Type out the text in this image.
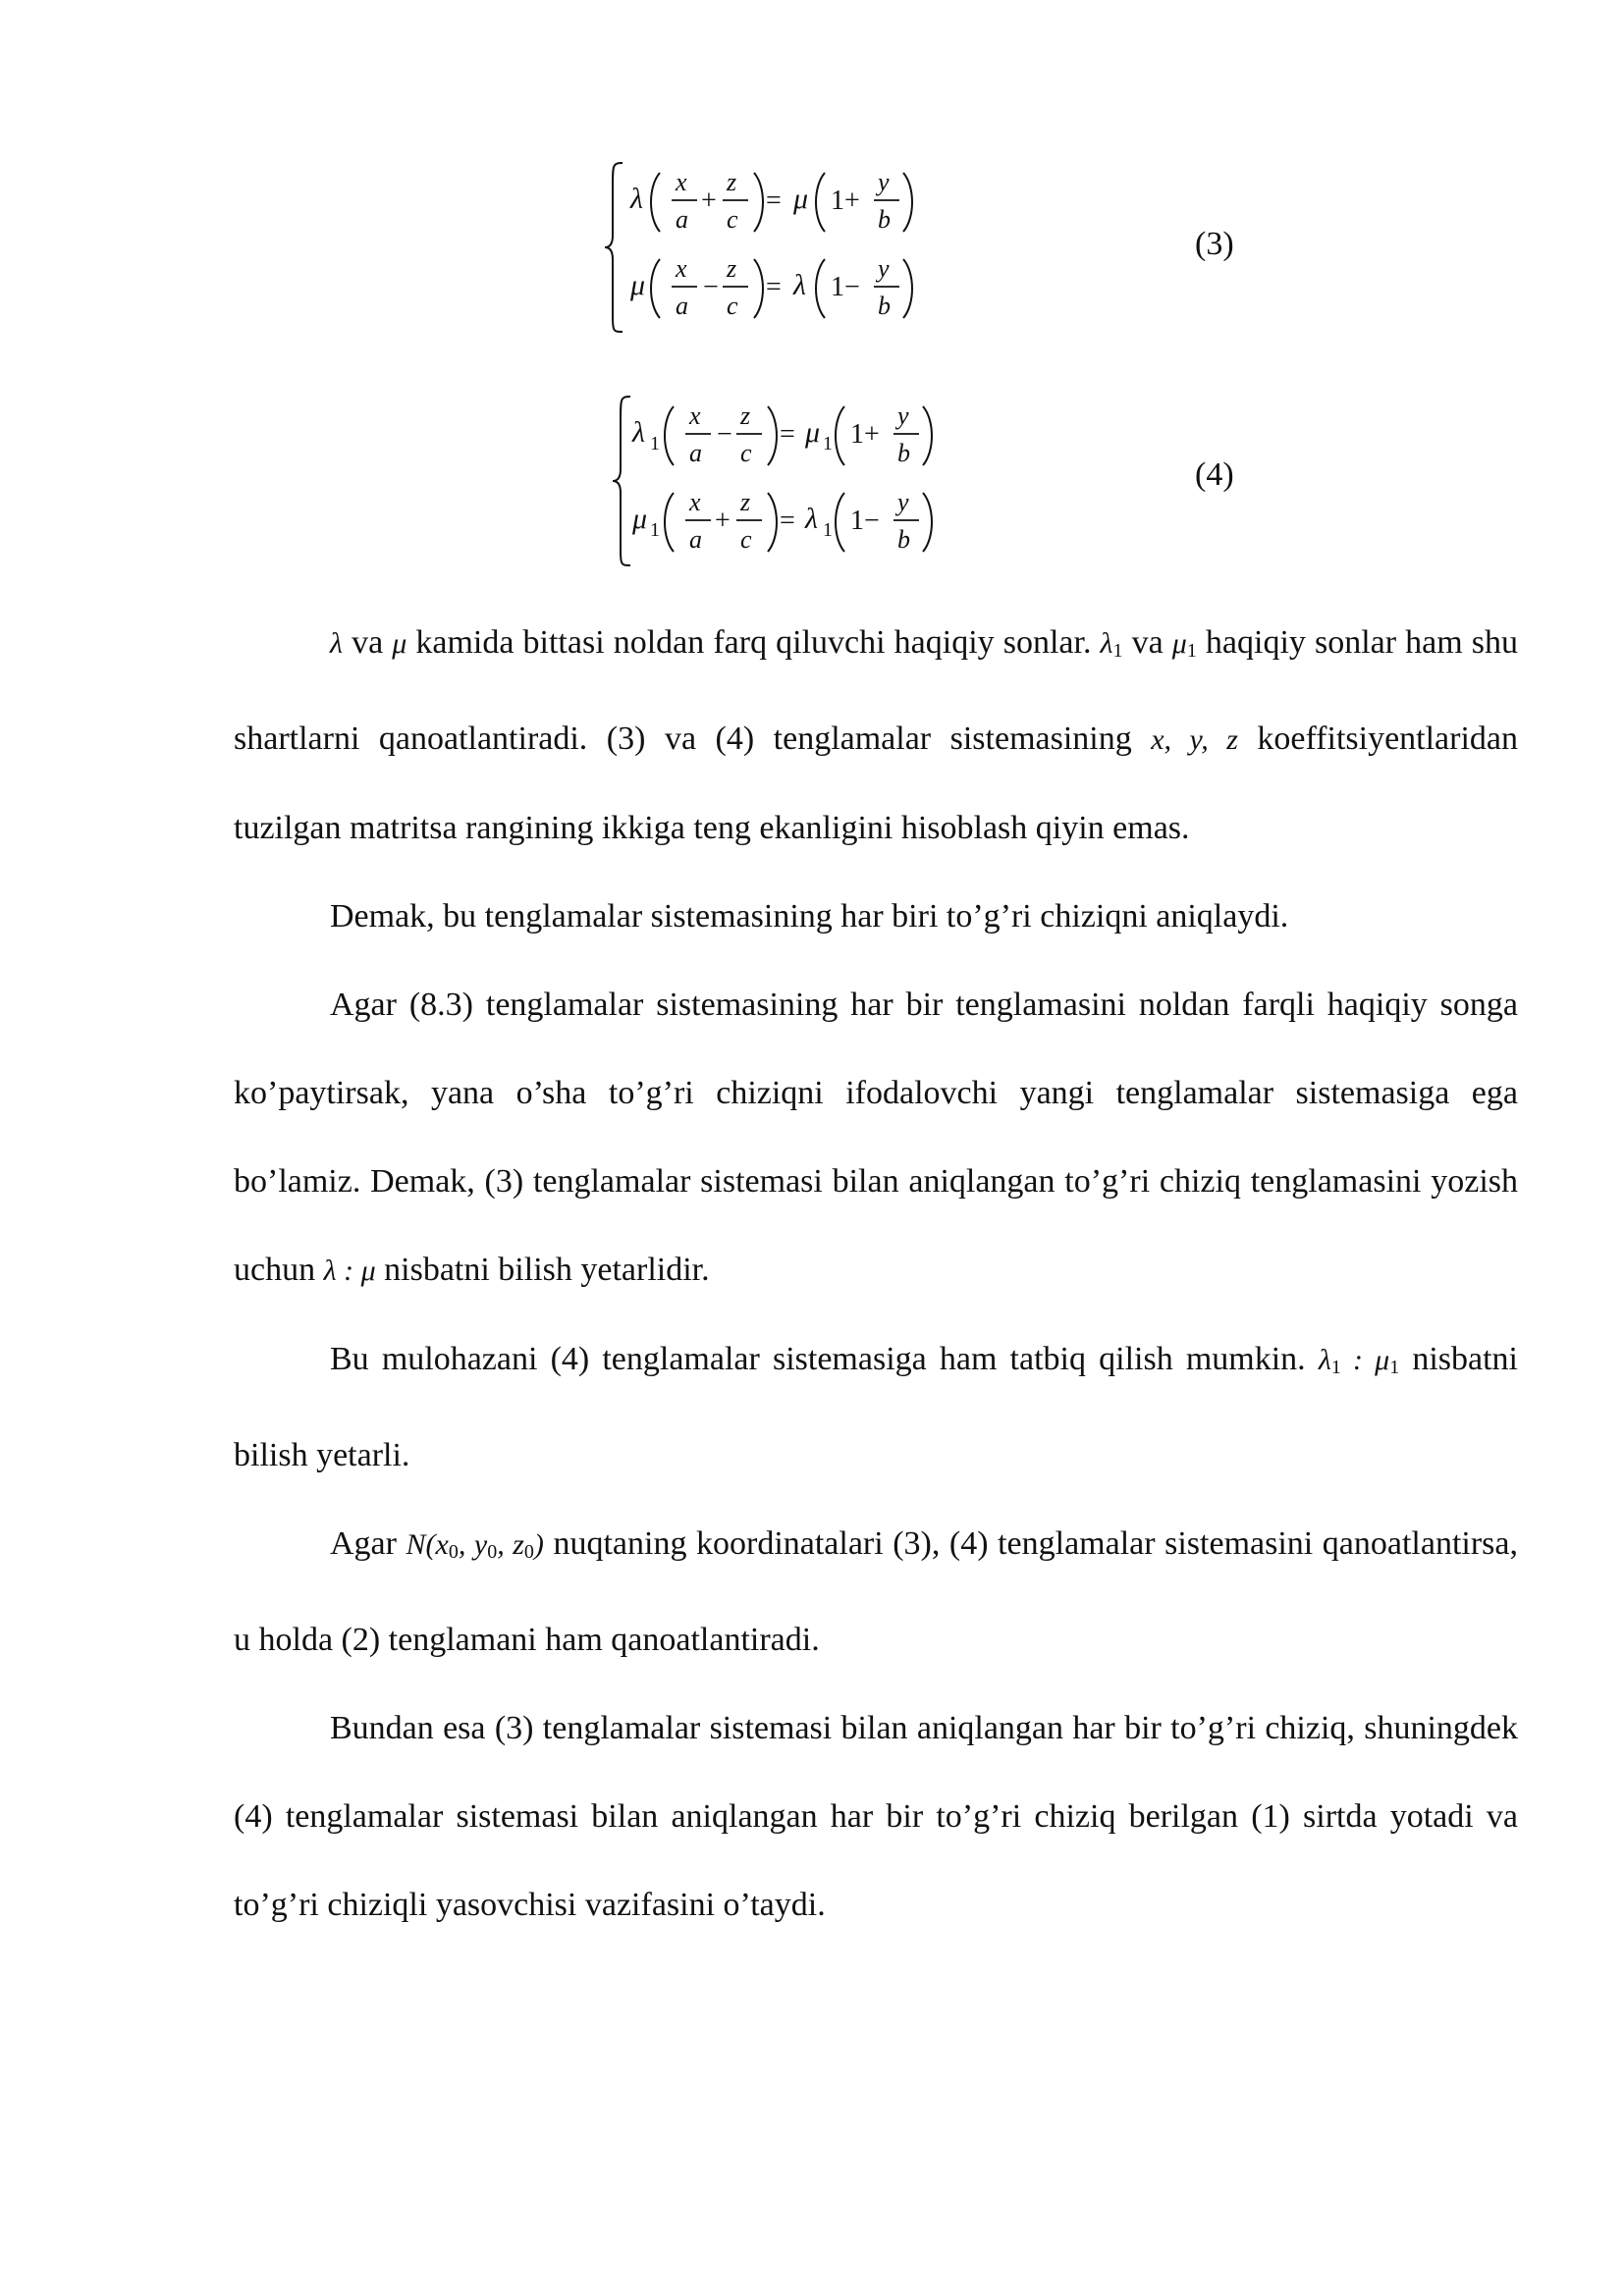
λ
x
a
+
z
c
= μ 1+
y
b
μ
x
a
−
z
c
= λ 1−
y
b
(3)
λ 1
x
a
−
z
c
= μ 1 1+
y
b
μ 1
x
a
+
z
c
= λ 1 1−
y
b
(4)

λ va μ kamida bittasi noldan farq qiluvchi haqiqiy sonlar. $\lambda_1$ va $\mu_1$ haqiqiy sonlar ham shu shartlarni qanoatlantiradi. (3) va (4) tenglamalar sistemasining x, y, z koeffitsiyentlaridan tuzilgan matritsa rangining ikkiga teng ekanligini hisoblash qiyin emas.

Demak, bu tenglamalar sistemasining har biri to’g’ri chiziqni aniqlaydi.

Agar (8.3) tenglamalar sistemasining har bir tenglamasini noldan farqli haqiqiy songa ko’paytirsak, yana o’sha to’g’ri chiziqni ifodalovchi yangi tenglamalar sistemasiga ega bo’lamiz. Demak, (3) tenglamalar sistemasi bilan aniqlangan to’g’ri chiziq tenglamasini yozish uchun λ : μ nisbatni bilish yetarlidir.

Bu mulohazani (4) tenglamalar sistemasiga ham tatbiq qilish mumkin. $\lambda_1$ : $\mu_1$ nisbatni bilish yetarli.

Agar $N(x_0$, $y_0$, $z_0$) nuqtaning koordinatalari (3), (4) tenglamalar sistemasini qanoatlantirsa, u holda (2) tenglamani ham qanoatlantiradi.

Bundan esa (3) tenglamalar sistemasi bilan aniqlangan har bir to’g’ri chiziq, shuningdek (4) tenglamalar sistemasi bilan aniqlangan har bir to’g’ri chiziq berilgan (1) sirtda yotadi va to’g’ri chiziqli yasovchisi vazifasini o’taydi.
